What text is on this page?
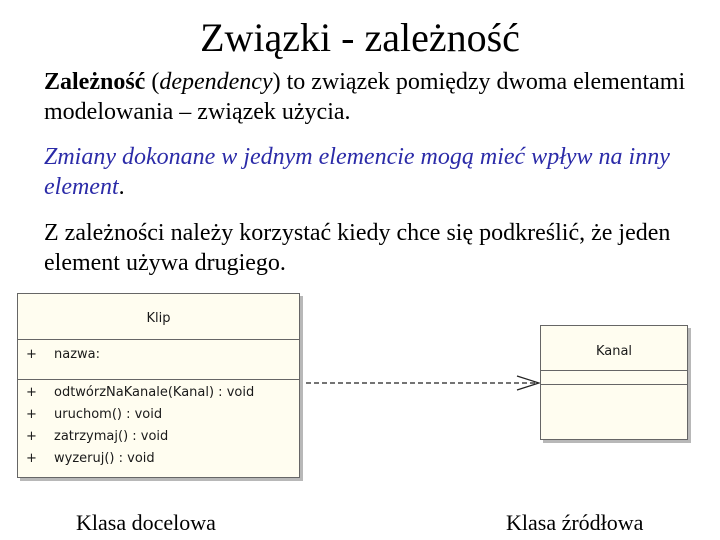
Związki - zależność
Zależność (dependency) to związek pomiędzy dwoma elementami modelowania – związek użycia.
Zmiany dokonane w jednym elemencie mogą mieć wpływ na inny element.
Z zależności należy korzystać kiedy chce się podkreślić, że jeden element używa drugiego.
Klip
+ nazwa:
+ odtwórzNaKanale(Kanal) : void
+ uruchom() : void
+ zatrzymaj() : void
+ wyzeruj() : void
Kanal
Klasa docelowa	Klasa źródłowa
